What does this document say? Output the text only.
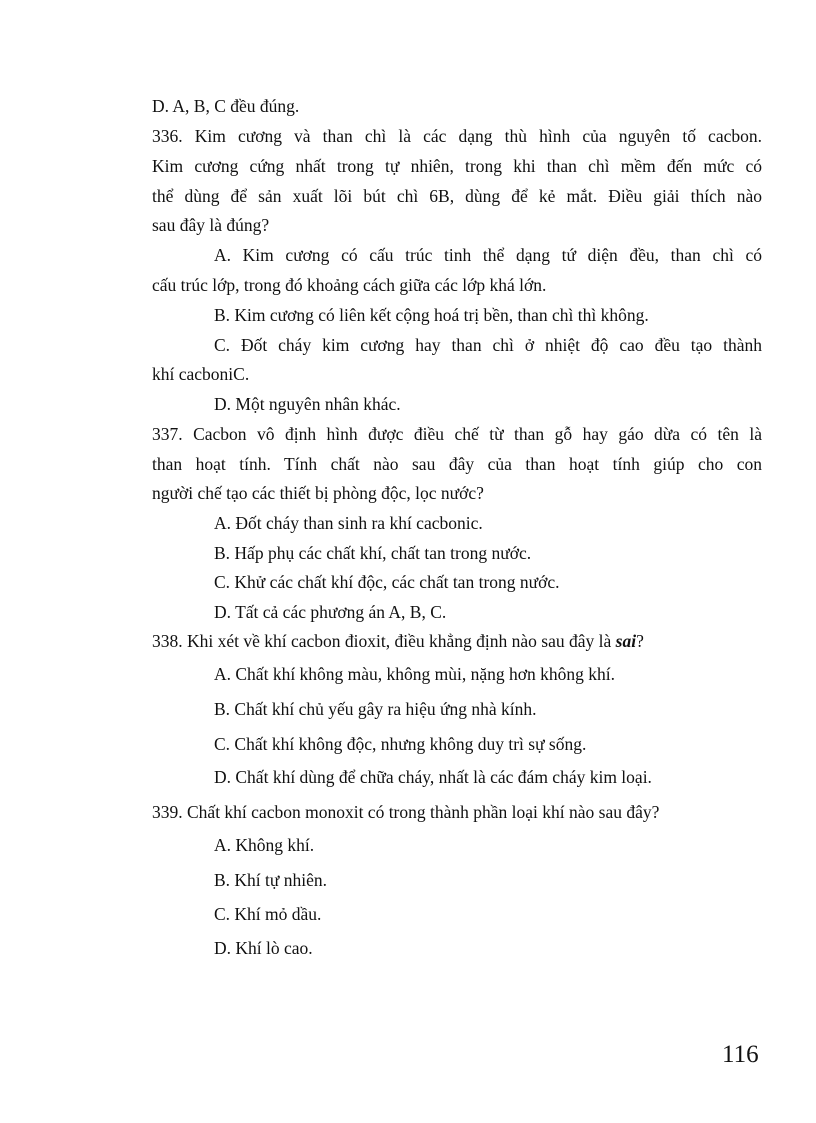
D. A, B, C đều đúng.
336. Kim cương và than chì là các dạng thù hình của nguyên tố cacbon.
Kim cương cứng nhất trong tự nhiên, trong khi than chì mềm đến mức có
thể dùng để sản xuất lõi bút chì 6B, dùng để kẻ mắt. Điều giải thích nào
sau đây là đúng?
A. Kim cương có cấu trúc tinh thể dạng tứ diện đều, than chì có
cấu trúc lớp, trong đó khoảng cách giữa các lớp khá lớn.
B. Kim cương có liên kết cộng hoá trị bền, than chì thì không.
C. Đốt cháy kim cương hay than chì ở nhiệt độ cao đều tạo thành
khí cacboniC.
D. Một nguyên nhân khác.
337. Cacbon vô định hình được điều chế từ than gỗ hay gáo dừa có tên là
than hoạt tính. Tính chất nào sau đây của than hoạt tính giúp cho con
người chế tạo các thiết bị phòng độc, lọc nước?
A. Đốt cháy than sinh ra khí cacbonic.
B. Hấp phụ các chất khí, chất tan trong nước.
C. Khử các chất khí độc, các chất tan trong nước.
D. Tất cả các phương án A, B, C.
338. Khi xét về khí cacbon đioxit, điều khẳng định nào sau đây là sai?
A. Chất khí không màu, không mùi, nặng hơn không khí.
B. Chất khí chủ yếu gây ra hiệu ứng nhà kính.
C. Chất khí không độc, nhưng không duy trì sự sống.
D. Chất khí dùng để chữa cháy, nhất là các đám cháy kim loại.
339. Chất khí cacbon monoxit có trong thành phần loại khí nào sau đây?
A. Không khí.
B. Khí tự nhiên.
C. Khí mỏ dầu.
D. Khí lò cao.
116
